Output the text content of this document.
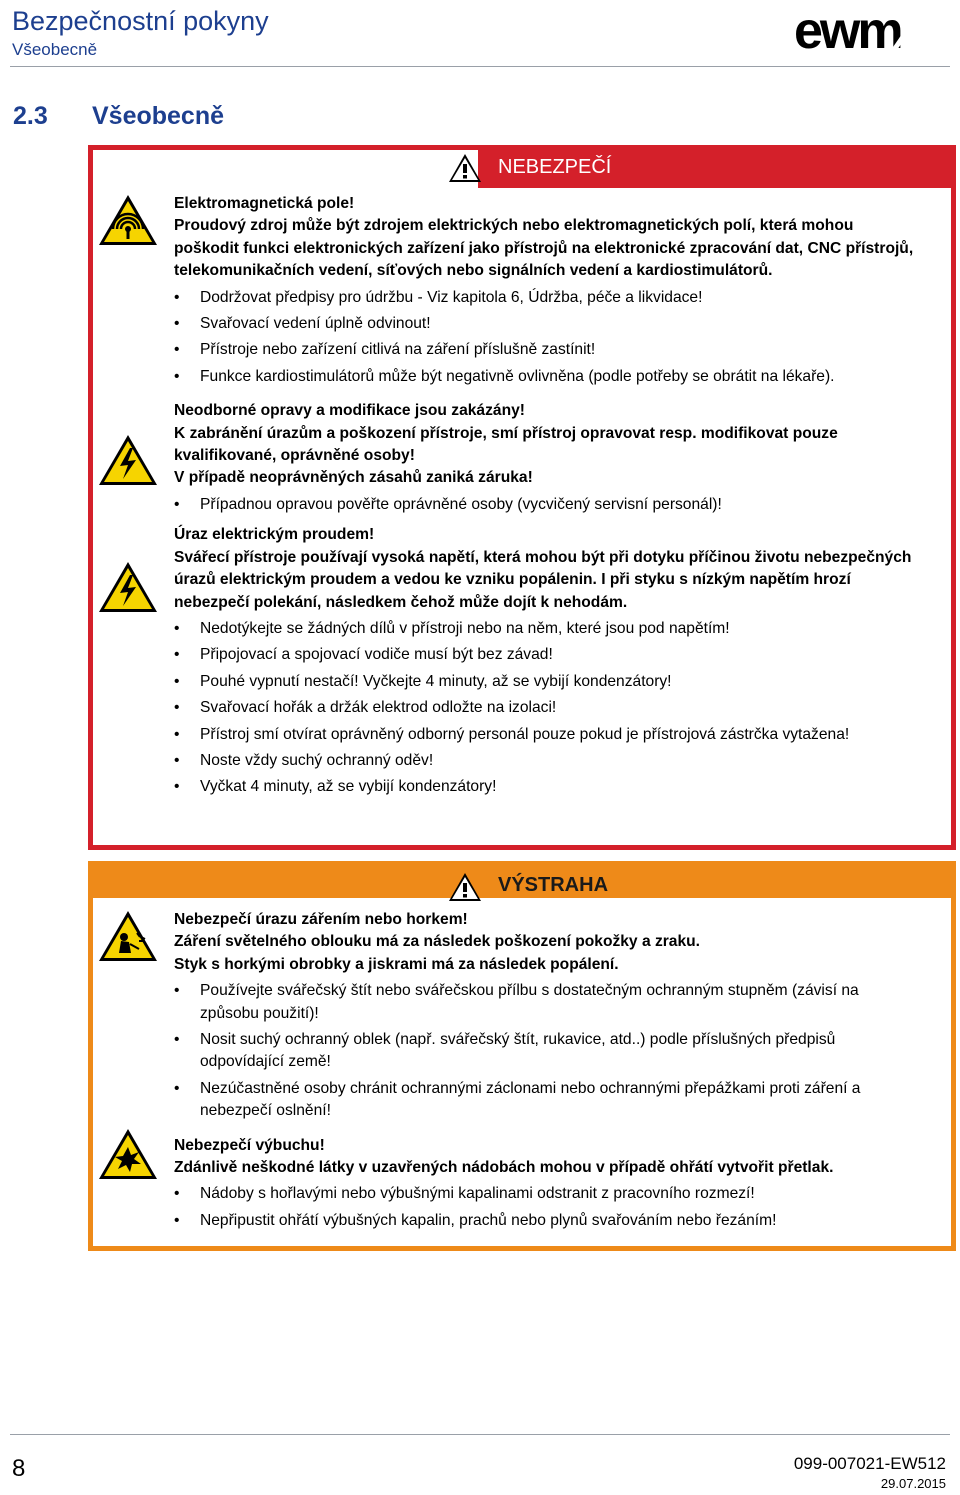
Bezpečnostní pokyny
Všeobecně	ewm
2.3 Všeobecně
NEBEZPEČÍ

Elektromagnetická pole!

Proudový zdroj může být zdrojem elektrických nebo elektromagnetických polí, která mohou poškodit funkci elektronických zařízení jako přístrojů na elektronické zpracování dat, CNC přístrojů, telekomunikačních vedení, síťových nebo signálních vedení a kardiostimulátorů.

• Dodržovat předpisy pro údržbu - Viz kapitola 6, Údržba, péče a likvidace!

• Svařovací vedení úplně odvinout!

• Přístroje nebo zařízení citlivá na záření příslušně zastínit!

• Funkce kardiostimulátorů může být negativně ovlivněna (podle potřeby se obrátit na lékaře).

Neodborné opravy a modifikace jsou zakázány!

K zabránění úrazům a poškození přístroje, smí přístroj opravovat resp. modifikovat pouze kvalifikované, oprávněné osoby!

V případě neoprávněných zásahů zaniká záruka!

• Případnou opravou pověřte oprávněné osoby (vycvičený servisní personál)!

Úraz elektrickým proudem!

Svářecí přístroje používají vysoká napětí, která mohou být při dotyku příčinou životu nebezpečných úrazů elektrickým proudem a vedou ke vzniku popálenin. I při styku s nízkým napětím hrozí nebezpečí polekání, následkem čehož může dojít k nehodám.

• Nedotýkejte se žádných dílů v přístroji nebo na něm, které jsou pod napětím!

• Připojovací a spojovací vodiče musí být bez závad!

• Pouhé vypnutí nestačí! Vyčkejte 4 minuty, až se vybijí kondenzátory!

• Svařovací hořák a držák elektrod odložte na izolaci!

• Přístroj smí otvírat oprávněný odborný personál pouze pokud je přístrojová zástrčka vytažena!

• Noste vždy suchý ochranný oděv!

• Vyčkat 4 minuty, až se vybijí kondenzátory!

VÝSTRAHA

Nebezpečí úrazu zářením nebo horkem!

Záření světelného oblouku má za následek poškození pokožky a zraku.

Styk s horkými obrobky a jiskrami má za následek popálení.

• Používejte svářečský štít nebo svářečskou přílbu s dostatečným ochranným stupněm (závisí na způsobu použití)!

• Nosit suchý ochranný oblek (např. svářečský štít, rukavice, atd..) podle příslušných předpisů odpovídající země!

• Nezúčastněné osoby chránit ochrannými záclonami nebo ochrannými přepážkami proti záření a nebezpečí oslnění!

Nebezpečí výbuchu!

Zdánlivě neškodné látky v uzavřených nádobách mohou v případě ohřátí vytvořit přetlak.

• Nádoby s hořlavými nebo výbušnými kapalinami odstranit z pracovního rozmezí!

• Nepřipustit ohřátí výbušných kapalin, prachů nebo plynů svařováním nebo řezáním!

8	099-007021-EW512
29.07.2015
